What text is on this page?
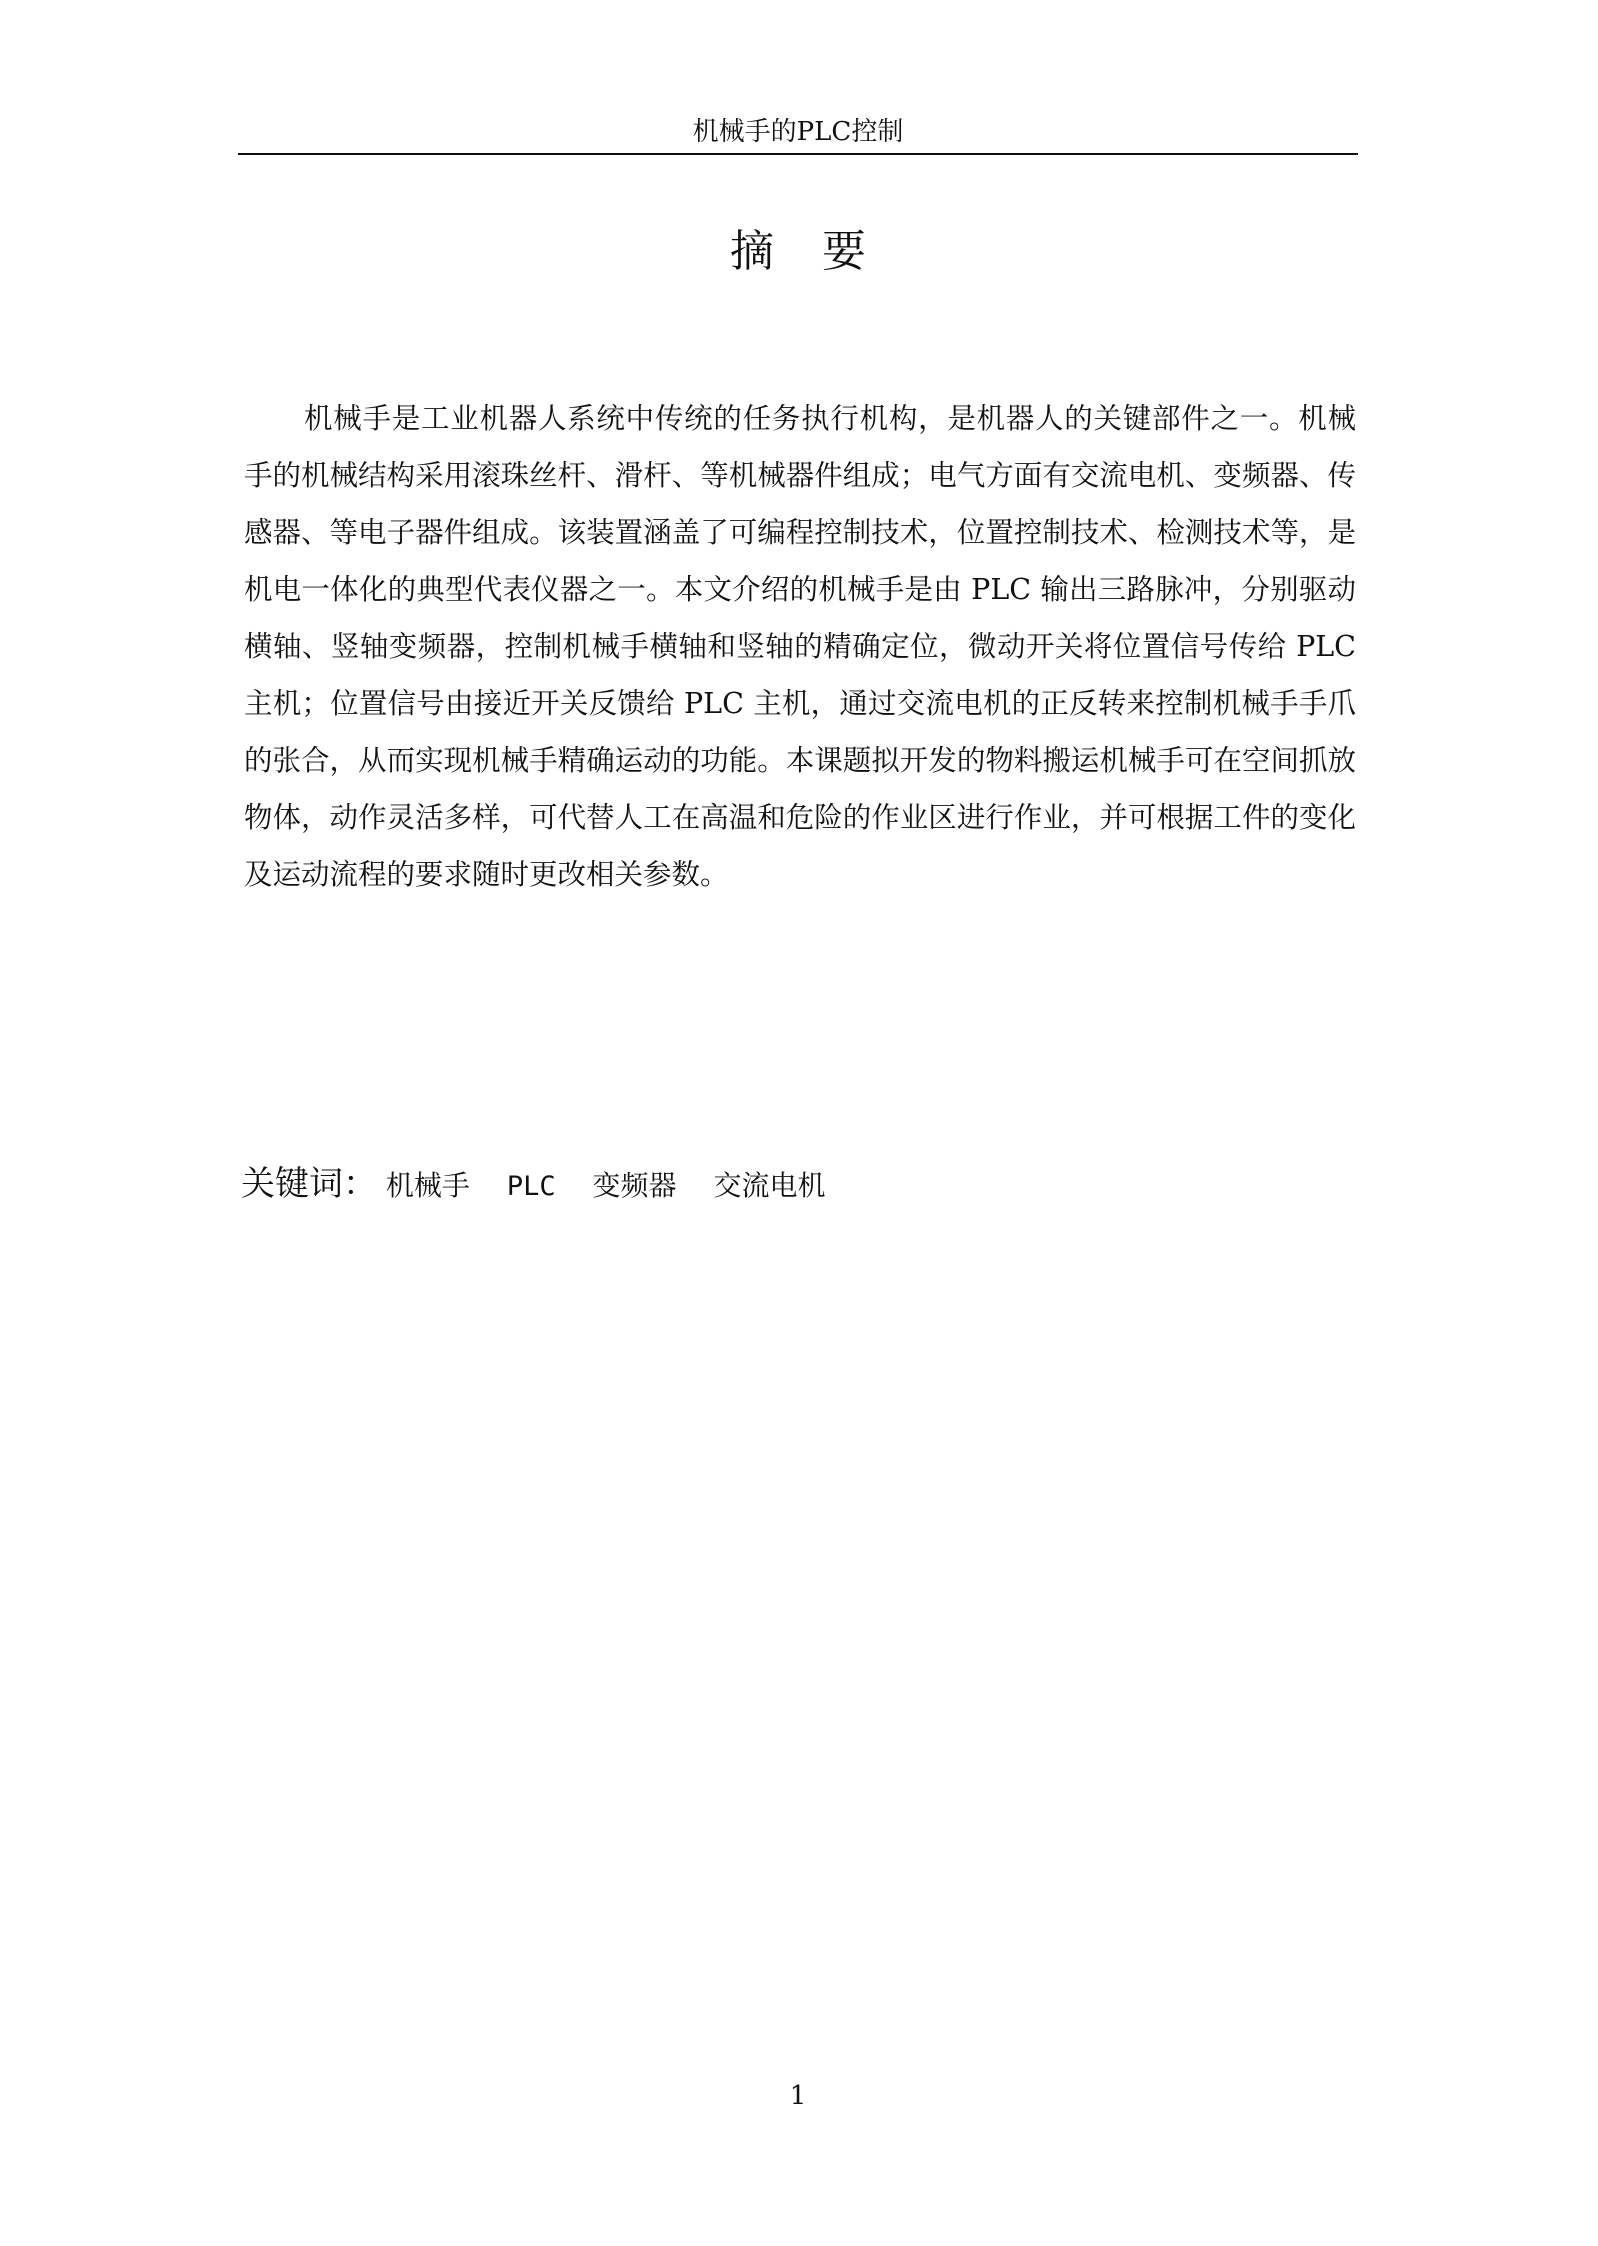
机械手的PLC控制
摘要

机械手是工业机器人系统中传统的任务执行机构，是机器人的关键部件之一。机械手的机械结构采用滚珠丝杆、滑杆、等机械器件组成；电气方面有交流电机、变频器、传感器、等电子器件组成。该装置涵盖了可编程控制技术，位置控制技术、检测技术等，是机电一体化的典型代表仪器之一。本文介绍的机械手是由 PLC 输出三路脉冲，分别驱动横轴、竖轴变频器，控制机械手横轴和竖轴的精确定位，微动开关将位置信号传给 PLC 主机；位置信号由接近开关反馈给 PLC 主机，通过交流电机的正反转来控制机械手手爪的张合，从而实现机械手精确运动的功能。本课题拟开发的物料搬运机械手可在空间抓放物体，动作灵活多样，可代替人工在高温和危险的作业区进行作业，并可根据工件的变化及运动流程的要求随时更改相关参数。

关键词： 机械手 PLC 变频器 交流电机
1
